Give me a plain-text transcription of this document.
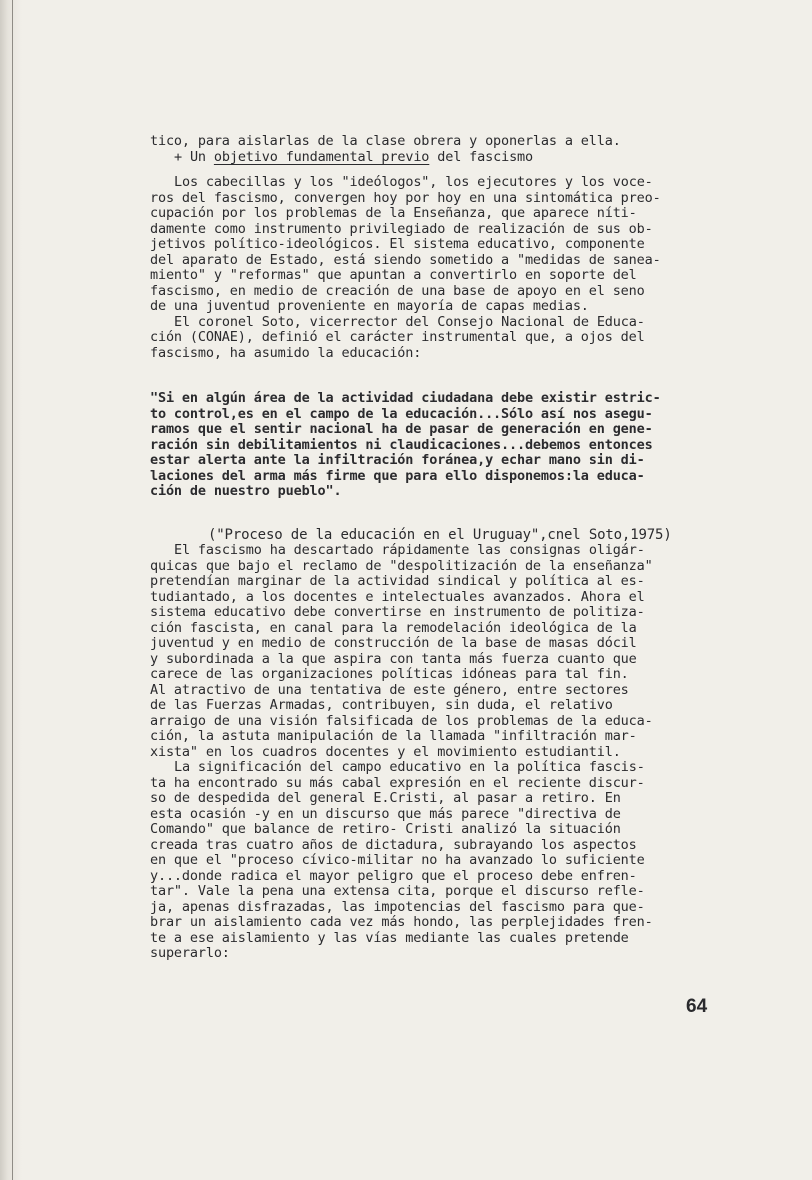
tico, para aislarlas de la clase obrera y oponerlas a ella.
+ Un objetivo fundamental previo del fascismo
Los cabecillas y los "ideólogos", los ejecutores y los voce-
ros del fascismo, convergen hoy por hoy en una sintomática preo-
cupación por los problemas de la Enseñanza, que aparece níti-
damente como instrumento privilegiado de realización de sus ob-
jetivos político-ideológicos. El sistema educativo, componente
del aparato de Estado, está siendo sometido a "medidas de sanea-
miento" y "reformas" que apuntan a convertirlo en soporte del
fascismo, en medio de creación de una base de apoyo en el seno
de una juventud proveniente en mayoría de capas medias.
El coronel Soto, vicerrector del Consejo Nacional de Educa-
ción (CONAE), definió el carácter instrumental que, a ojos del
fascismo, ha asumido la educación:
"Si en algún área de la actividad ciudadana debe existir estric-
to control,es en el campo de la educación...Sólo así nos asegu-
ramos que el sentir nacional ha de pasar de generación en gene-
ración sin debilitamientos ni claudicaciones...debemos entonces
estar alerta ante la infiltración foránea,y echar mano sin di-
laciones del arma más firme que para ello disponemos:la educa-
ción de nuestro pueblo".
("Proceso de la educación en el Uruguay",cnel Soto,1975)
El fascismo ha descartado rápidamente las consignas oligár-
quicas que bajo el reclamo de "despolitización de la enseñanza"
pretendían marginar de la actividad sindical y política al es-
tudiantado, a los docentes e intelectuales avanzados. Ahora el
sistema educativo debe convertirse en instrumento de politiza-
ción fascista, en canal para la remodelación ideológica de la
juventud y en medio de construcción de la base de masas dócil
y subordinada a la que aspira con tanta más fuerza cuanto que
carece de las organizaciones políticas idóneas para tal fin.
Al atractivo de una tentativa de este género, entre sectores
de las Fuerzas Armadas, contribuyen, sin duda, el relativo
arraigo de una visión falsificada de los problemas de la educa-
ción, la astuta manipulación de la llamada "infiltración mar-
xista" en los cuadros docentes y el movimiento estudiantil.
La significación del campo educativo en la política fascis-
ta ha encontrado su más cabal expresión en el reciente discur-
so de despedida del general E.Cristi, al pasar a retiro. En
esta ocasión -y en un discurso que más parece "directiva de
Comando" que balance de retiro- Cristi analizó la situación
creada tras cuatro años de dictadura, subrayando los aspectos
en que el "proceso cívico-militar no ha avanzado lo suficiente
y...donde radica el mayor peligro que el proceso debe enfren-
tar". Vale la pena una extensa cita, porque el discurso refle-
ja, apenas disfrazadas, las impotencias del fascismo para que-
brar un aislamiento cada vez más hondo, las perplejidades fren-
te a ese aislamiento y las vías mediante las cuales pretende
superarlo:
64
